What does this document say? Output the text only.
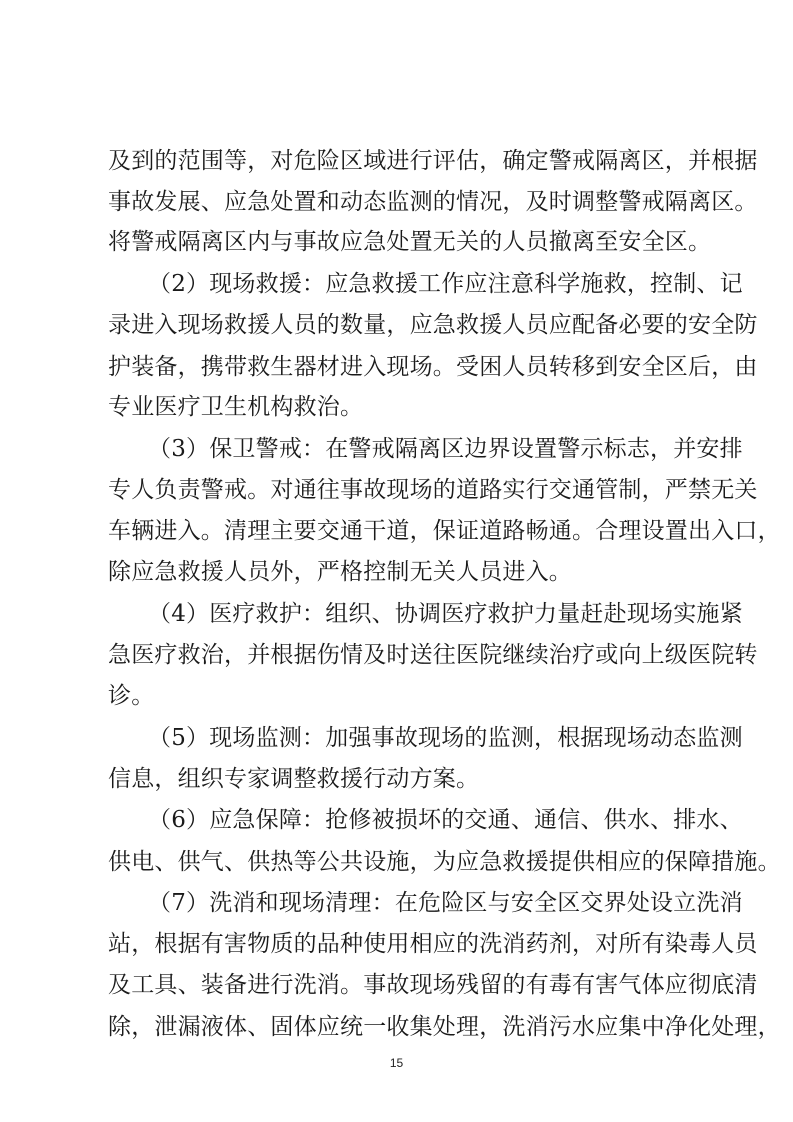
及到的范围等，对危险区域进行评估，确定警戒隔离区，并根据
事故发展、应急处置和动态监测的情况，及时调整警戒隔离区。
将警戒隔离区内与事故应急处置无关的人员撤离至安全区。
（2）现场救援：应急救援工作应注意科学施救，控制、记
录进入现场救援人员的数量，应急救援人员应配备必要的安全防
护装备，携带救生器材进入现场。受困人员转移到安全区后，由
专业医疗卫生机构救治。
（3）保卫警戒：在警戒隔离区边界设置警示标志，并安排
专人负责警戒。对通往事故现场的道路实行交通管制，严禁无关
车辆进入。清理主要交通干道，保证道路畅通。合理设置出入口，
除应急救援人员外，严格控制无关人员进入。
（4）医疗救护：组织、协调医疗救护力量赶赴现场实施紧
急医疗救治，并根据伤情及时送往医院继续治疗或向上级医院转
诊。
（5）现场监测：加强事故现场的监测，根据现场动态监测
信息，组织专家调整救援行动方案。
（6）应急保障：抢修被损坏的交通、通信、供水、排水、
供电、供气、供热等公共设施，为应急救援提供相应的保障措施。
（7）洗消和现场清理：在危险区与安全区交界处设立洗消
站，根据有害物质的品种使用相应的洗消药剂，对所有染毒人员
及工具、装备进行洗消。事故现场残留的有毒有害气体应彻底清
除，泄漏液体、固体应统一收集处理，洗消污水应集中净化处理，
15
